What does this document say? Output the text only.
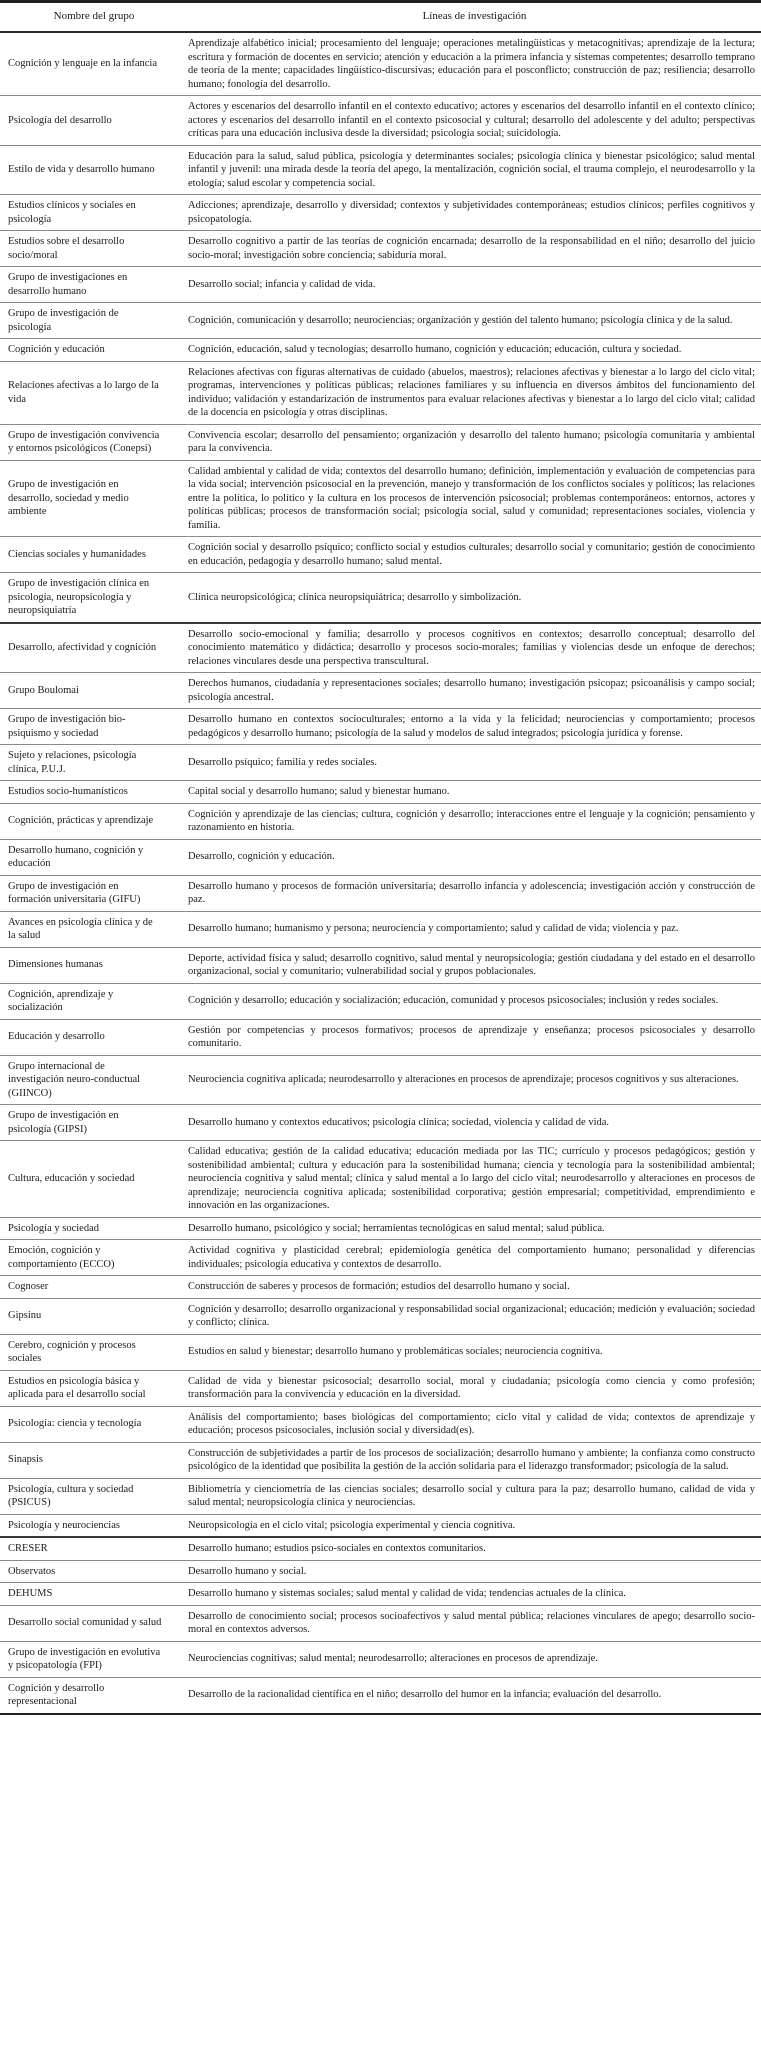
Nombre del grupo	Líneas de investigación
Cognición y lenguaje en la infancia	Aprendizaje alfabético inicial; procesamiento del lenguaje; operaciones metalingüísticas y metacognitivas; aprendizaje de la lectura; escritura y formación de docentes en servicio; atención y educación a la primera infancia y sistemas competentes; desarrollo temprano de teoría de la mente; capacidades lingüístico-discursivas; educación para el posconflicto; construcción de paz; resiliencia; desarrollo humano; fonología del desarrollo.
Psicología del desarrollo	Actores y escenarios del desarrollo infantil en el contexto educativo; actores y escenarios del desarrollo infantil en el contexto clínico; actores y escenarios del desarrollo infantil en el contexto psicosocial y cultural; desarrollo del adolescente y del adulto; perspectivas críticas para una educación inclusiva desde la diversidad; psicología social; suicidología.
Estilo de vida y desarrollo humano	Educación para la salud, salud pública, psicología y determinantes sociales; psicología clínica y bienestar psicológico; salud mental infantil y juvenil: una mirada desde la teoría del apego, la mentalización, cognición social, el trauma complejo, el neurodesarrollo y la etología; salud escolar y competencia social.
Estudios clínicos y sociales en psicología	Adicciones; aprendizaje, desarrollo y diversidad; contextos y subjetividades contemporáneas; estudios clínicos; perfiles cognitivos y psicopatología.
Estudios sobre el desarrollo socio/moral	Desarrollo cognitivo a partir de las teorías de cognición encarnada; desarrollo de la responsabilidad en el niño; desarrollo del juicio socio-moral; investigación sobre conciencia; sabiduría moral.
Grupo de investigaciones en desarrollo humano	Desarrollo social; infancia y calidad de vida.
Grupo de investigación de psicología	Cognición, comunicación y desarrollo; neurociencias; organización y gestión del talento humano; psicología clínica y de la salud.
Cognición y educación	Cognición, educación, salud y tecnologías; desarrollo humano, cognición y educación; educación, cultura y sociedad.
Relaciones afectivas a lo largo de la vida	Relaciones afectivas con figuras alternativas de cuidado (abuelos, maestros); relaciones afectivas y bienestar a lo largo del ciclo vital; programas, intervenciones y políticas públicas; relaciones familiares y su influencia en diversos ámbitos del funcionamiento del individuo; validación y estandarización de instrumentos para evaluar relaciones afectivas y bienestar a lo largo del ciclo vital; calidad de la docencia en psicología y otras disciplinas.
Grupo de investigación convivencia y entornos psicológicos (Conepsi)	Convivencia escolar; desarrollo del pensamiento; organización y desarrollo del talento humano; psicología comunitaria y ambiental para la convivencia.
Grupo de investigación en desarrollo, sociedad y medio ambiente	Calidad ambiental y calidad de vida; contextos del desarrollo humano; definición, implementación y evaluación de competencias para la vida social; intervención psicosocial en la prevención, manejo y transformación de los conflictos sociales y políticos; las relaciones entre la política, lo político y la cultura en los procesos de intervención psicosocial; problemas contemporáneos: entornos, actores y políticas públicas; procesos de transformación social; psicología social, salud y comunidad; representaciones sociales, violencia y familia.
Ciencias sociales y humanidades	Cognición social y desarrollo psíquico; conflicto social y estudios culturales; desarrollo social y comunitario; gestión de conocimiento en educación, pedagogía y desarrollo humano; salud mental.
Grupo de investigación clínica en psicología, neuropsicología y neuropsiquiatría	Clínica neuropsicológica; clínica neuropsiquiátrica; desarrollo y simbolización.
Desarrollo, afectividad y cognición	Desarrollo socio-emocional y familia; desarrollo y procesos cognitivos en contextos; desarrollo conceptual; desarrollo del conocimiento matemático y didáctica; desarrollo y procesos socio-morales; familias y violencias desde un enfoque de derechos; relaciones vinculares desde una perspectiva transcultural.
Grupo Boulomai	Derechos humanos, ciudadanía y representaciones sociales; desarrollo humano; investigación psicopaz; psicoanálisis y campo social; psicología ancestral.
Grupo de investigación bio-psiquismo y sociedad	Desarrollo humano en contextos socioculturales; entorno a la vida y la felicidad; neurociencias y comportamiento; procesos pedagógicos y desarrollo humano; psicología de la salud y modelos de salud integrados; psicología jurídica y forense.
Sujeto y relaciones, psicología clínica, P.U.J.	Desarrollo psíquico; familia y redes sociales.
Estudios socio-humanísticos	Capital social y desarrollo humano; salud y bienestar humano.
Cognición, prácticas y aprendizaje	Cognición y aprendizaje de las ciencias; cultura, cognición y desarrollo; interacciones entre el lenguaje y la cognición; pensamiento y razonamiento en historia.
Desarrollo humano, cognición y educación	Desarrollo, cognición y educación.
Grupo de investigación en formación universitaria (GIFU)	Desarrollo humano y procesos de formación universitaria; desarrollo infancia y adolescencia; investigación acción y construcción de paz.
Avances en psicología clínica y de la salud	Desarrollo humano; humanismo y persona; neurociencia y comportamiento; salud y calidad de vida; violencia y paz.
Dimensiones humanas	Deporte, actividad física y salud; desarrollo cognitivo, salud mental y neuropsicología; gestión ciudadana y del estado en el desarrollo organizacional, social y comunitario; vulnerabilidad social y grupos poblacionales.
Cognición, aprendizaje y socialización	Cognición y desarrollo; educación y socialización; educación, comunidad y procesos psicosociales; inclusión y redes sociales.
Educación y desarrollo	Gestión por competencias y procesos formativos; procesos de aprendizaje y enseñanza; procesos psicosociales y desarrollo comunitario.
Grupo internacional de investigación neuro-conductual (GIINCO)	Neurociencia cognitiva aplicada; neurodesarrollo y alteraciones en procesos de aprendizaje; procesos cognitivos y sus alteraciones.
Grupo de investigación en psicología (GIPSI)	Desarrollo humano y contextos educativos; psicología clínica; sociedad, violencia y calidad de vida.
Cultura, educación y sociedad	Calidad educativa; gestión de la calidad educativa; educación mediada por las TIC; currículo y procesos pedagógicos; gestión y sostenibilidad ambiental; cultura y educación para la sostenibilidad humana; ciencia y tecnología para la sostenibilidad ambiental; neurociencia cognitiva y salud mental; clínica y salud mental a lo largo del ciclo vital; neurodesarrollo y alteraciones en procesos de aprendizaje; neurociencia cognitiva aplicada; sostenibilidad corporativa; gestión empresarial; competitividad, emprendimiento e innovación en las organizaciones.
Psicología y sociedad	Desarrollo humano, psicológico y social; herramientas tecnológicas en salud mental; salud pública.
Emoción, cognición y comportamiento (ECCO)	Actividad cognitiva y plasticidad cerebral; epidemiología genética del comportamiento humano; personalidad y diferencias individuales; psicología educativa y contextos de desarrollo.
Cognoser	Construcción de saberes y procesos de formación; estudios del desarrollo humano y social.
Gipsinu	Cognición y desarrollo; desarrollo organizacional y responsabilidad social organizacional; educación; medición y evaluación; sociedad y conflicto; clínica.
Cerebro, cognición y procesos sociales	Estudios en salud y bienestar; desarrollo humano y problemáticas sociales; neurociencia cognitiva.
Estudios en psicología básica y aplicada para el desarrollo social	Calidad de vida y bienestar psicosocial; desarrollo social, moral y ciudadanía; psicología como ciencia y como profesión; transformación para la convivencia y educación en la diversidad.
Psicología: ciencia y tecnología	Análisis del comportamiento; bases biológicas del comportamiento; ciclo vital y calidad de vida; contextos de aprendizaje y educación; procesos psicosociales, inclusión social y diversidad(es).
Sinapsis	Construcción de subjetividades a partir de los procesos de socialización; desarrollo humano y ambiente; la confianza como constructo psicológico de la identidad que posibilita la gestión de la acción solidaria para el liderazgo transformador; psicología de la salud.
Psicología, cultura y sociedad (PSICUS)	Bibliometría y cienciometría de las ciencias sociales; desarrollo social y cultura para la paz; desarrollo humano, calidad de vida y salud mental; neuropsicología clínica y neurociencias.
Psicología y neurociencias	Neuropsicología en el ciclo vital; psicología experimental y ciencia cognitiva.
CRESER	Desarrollo humano; estudios psico-sociales en contextos comunitarios.
Observatos	Desarrollo humano y social.
DEHUMS	Desarrollo humano y sistemas sociales; salud mental y calidad de vida; tendencias actuales de la clínica.
Desarrollo social comunidad y salud	Desarrollo de conocimiento social; procesos socioafectivos y salud mental pública; relaciones vinculares de apego; desarrollo socio-moral en contextos adversos.
Grupo de investigación en evolutiva y psicopatología (FPI)	Neurociencias cognitivas; salud mental; neurodesarrollo; alteraciones en procesos de aprendizaje.
Cognición y desarrollo representacional	Desarrollo de la racionalidad científica en el niño; desarrollo del humor en la infancia; evaluación del desarrollo.
